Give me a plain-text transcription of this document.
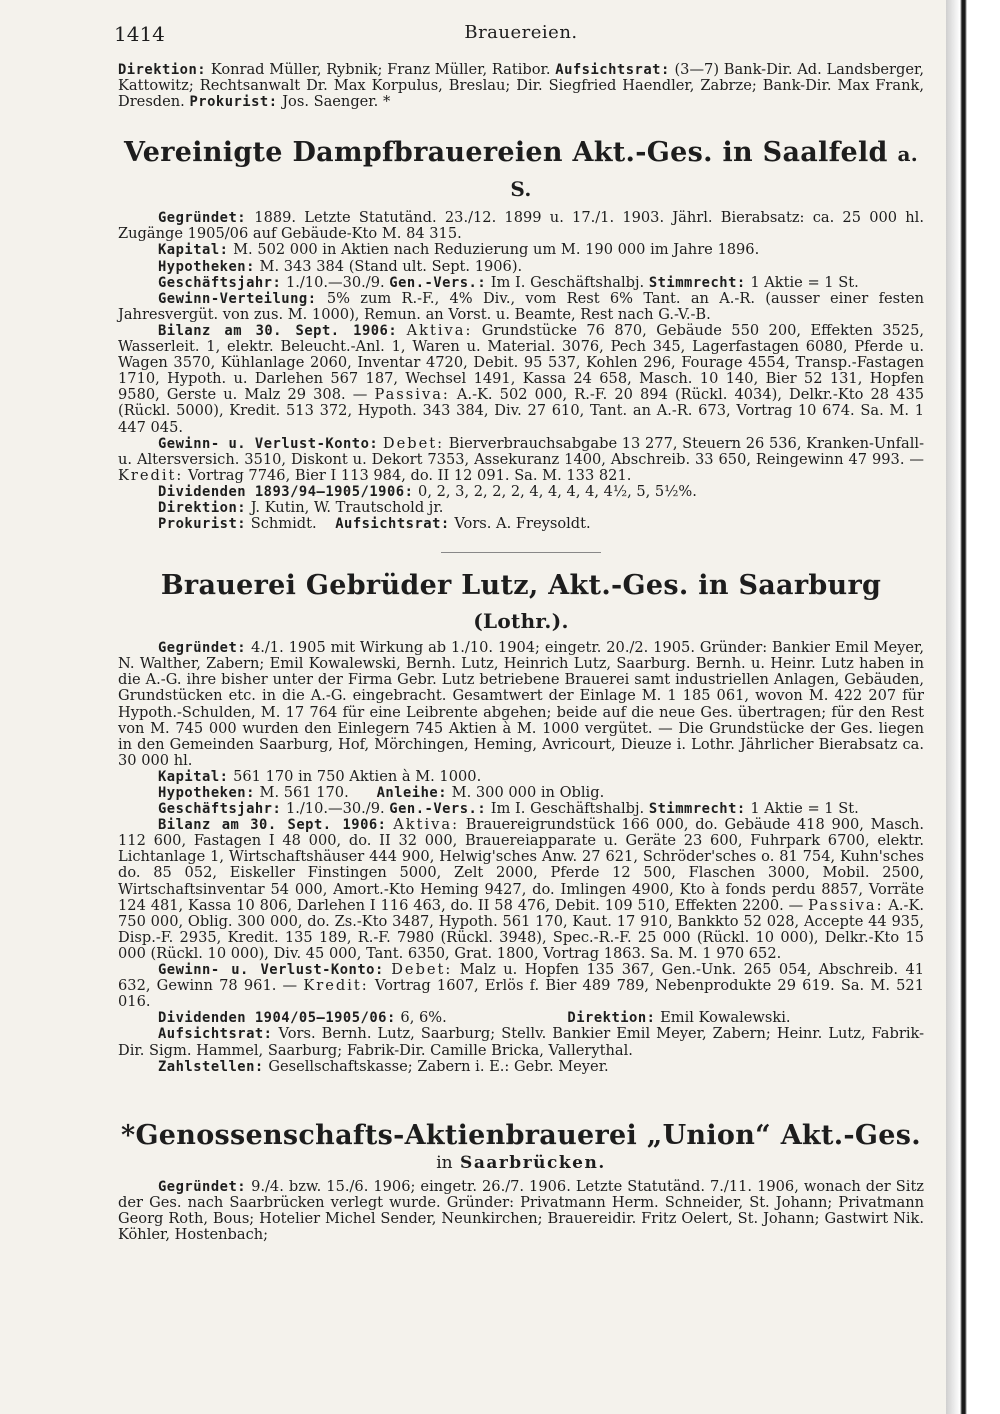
1414	Brauereien.

Direktion: Konrad Müller, Rybnik; Franz Müller, Ratibor. Aufsichtsrat: (3—7) Bank-Dir. Ad. Landsberger, Kattowitz; Rechtsanwalt Dr. Max Korpulus, Breslau; Dir. Siegfried Haendler, Zabrze; Bank-Dir. Max Frank, Dresden. Prokurist: Jos. Saenger. *

Vereinigte Dampfbrauereien Akt.-Ges. in Saalfeld a. S.

Gegründet: 1889. Letzte Statutänd. 23./12. 1899 u. 17./1. 1903. Jährl. Bierabsatz: ca. 25 000 hl. Zugänge 1905/06 auf Gebäude-Kto M. 84 315.

Kapital: M. 502 000 in Aktien nach Reduzierung um M. 190 000 im Jahre 1896.

Hypotheken: M. 343 384 (Stand ult. Sept. 1906).

Geschäftsjahr: 1./10.—30./9. Gen.-Vers.: Im I. Geschäftshalbj. Stimmrecht: 1 Aktie = 1 St.

Gewinn-Verteilung: 5% zum R.-F., 4% Div., vom Rest 6% Tant. an A.-R. (ausser einer festen Jahresvergüt. von zus. M. 1000), Remun. an Vorst. u. Beamte, Rest nach G.-V.-B.

Bilanz am 30. Sept. 1906: Aktiva: Grundstücke 76 870, Gebäude 550 200, Effekten 3525, Wasserleit. 1, elektr. Beleucht.-Anl. 1, Waren u. Material. 3076, Pech 345, Lagerfastagen 6080, Pferde u. Wagen 3570, Kühlanlage 2060, Inventar 4720, Debit. 95 537, Kohlen 296, Fourage 4554, Transp.-Fastagen 1710, Hypoth. u. Darlehen 567 187, Wechsel 1491, Kassa 24 658, Masch. 10 140, Bier 52 131, Hopfen 9580, Gerste u. Malz 29 308. — Passiva: A.-K. 502 000, R.-F. 20 894 (Rückl. 4034), Delkr.-Kto 28 435 (Rückl. 5000), Kredit. 513 372, Hypoth. 343 384, Div. 27 610, Tant. an A.-R. 673, Vortrag 10 674. Sa. M. 1 447 045.

Gewinn- u. Verlust-Konto: Debet: Bierverbrauchsabgabe 13 277, Steuern 26 536, Kranken-Unfall- u. Altersversich. 3510, Diskont u. Dekort 7353, Assekuranz 1400, Abschreib. 33 650, Reingewinn 47 993. — Kredit: Vortrag 7746, Bier I 113 984, do. II 12 091. Sa. M. 133 821.

Dividenden 1893/94—1905/1906: 0, 2, 3, 2, 2, 2, 4, 4, 4, 4, 4½, 5, 5½%.

Direktion: J. Kutin, W. Trautschold jr.

Prokurist: Schmidt. Aufsichtsrat: Vors. A. Freysoldt.

Brauerei Gebrüder Lutz, Akt.-Ges. in Saarburg (Lothr.).

Gegründet: 4./1. 1905 mit Wirkung ab 1./10. 1904; eingetr. 20./2. 1905. Gründer: Bankier Emil Meyer, N. Walther, Zabern; Emil Kowalewski, Bernh. Lutz, Heinrich Lutz, Saarburg. Bernh. u. Heinr. Lutz haben in die A.-G. ihre bisher unter der Firma Gebr. Lutz betriebene Brauerei samt industriellen Anlagen, Gebäuden, Grundstücken etc. in die A.-G. eingebracht. Gesamtwert der Einlage M. 1 185 061, wovon M. 422 207 für Hypoth.-Schulden, M. 17 764 für eine Leibrente abgehen; beide auf die neue Ges. übertragen; für den Rest von M. 745 000 wurden den Einlegern 745 Aktien à M. 1000 vergütet. — Die Grundstücke der Ges. liegen in den Gemeinden Saarburg, Hof, Mörchingen, Heming, Avricourt, Dieuze i. Lothr. Jährlicher Bierabsatz ca. 30 000 hl.

Kapital: 561 170 in 750 Aktien à M. 1000.

Hypotheken: M. 561 170. Anleihe: M. 300 000 in Oblig.

Geschäftsjahr: 1./10.—30./9. Gen.-Vers.: Im I. Geschäftshalbj. Stimmrecht: 1 Aktie = 1 St.

Bilanz am 30. Sept. 1906: Aktiva: Brauereigrundstück 166 000, do. Gebäude 418 900, Masch. 112 600, Fastagen I 48 000, do. II 32 000, Brauereiapparate u. Geräte 23 600, Fuhrpark 6700, elektr. Lichtanlage 1, Wirtschaftshäuser 444 900, Helwig'sches Anw. 27 621, Schröder'sches o. 81 754, Kuhn'sches do. 85 052, Eiskeller Finstingen 5000, Zelt 2000, Pferde 12 500, Flaschen 3000, Mobil. 2500, Wirtschaftsinventar 54 000, Amort.-Kto Heming 9427, do. Imlingen 4900, Kto à fonds perdu 8857, Vorräte 124 481, Kassa 10 806, Darlehen I 116 463, do. II 58 476, Debit. 109 510, Effekten 2200. — Passiva: A.-K. 750 000, Oblig. 300 000, do. Zs.-Kto 3487, Hypoth. 561 170, Kaut. 17 910, Bankkto 52 028, Accepte 44 935, Disp.-F. 2935, Kredit. 135 189, R.-F. 7980 (Rückl. 3948), Spec.-R.-F. 25 000 (Rückl. 10 000), Delkr.-Kto 15 000 (Rückl. 10 000), Div. 45 000, Tant. 6350, Grat. 1800, Vortrag 1863. Sa. M. 1 970 652.

Gewinn- u. Verlust-Konto: Debet: Malz u. Hopfen 135 367, Gen.-Unk. 265 054, Abschreib. 41 632, Gewinn 78 961. — Kredit: Vortrag 1607, Erlös f. Bier 489 789, Nebenprodukte 29 619. Sa. M. 521 016.

Dividenden 1904/05—1905/06: 6, 6%.	Direktion: Emil Kowalewski.

Aufsichtsrat: Vors. Bernh. Lutz, Saarburg; Stellv. Bankier Emil Meyer, Zabern; Heinr. Lutz, Fabrik-Dir. Sigm. Hammel, Saarburg; Fabrik-Dir. Camille Bricka, Vallerythal.

Zahlstellen: Gesellschaftskasse; Zabern i. E.: Gebr. Meyer.

*Genossenschafts-Aktienbrauerei „Union“ Akt.-Ges.

in Saarbrücken.

Gegründet: 9./4. bzw. 15./6. 1906; eingetr. 26./7. 1906. Letzte Statutänd. 7./11. 1906, wonach der Sitz der Ges. nach Saarbrücken verlegt wurde. Gründer: Privatmann Herm. Schneider, St. Johann; Privatmann Georg Roth, Bous; Hotelier Michel Sender, Neunkirchen; Brauereidir. Fritz Oelert, St. Johann; Gastwirt Nik. Köhler, Hostenbach;
